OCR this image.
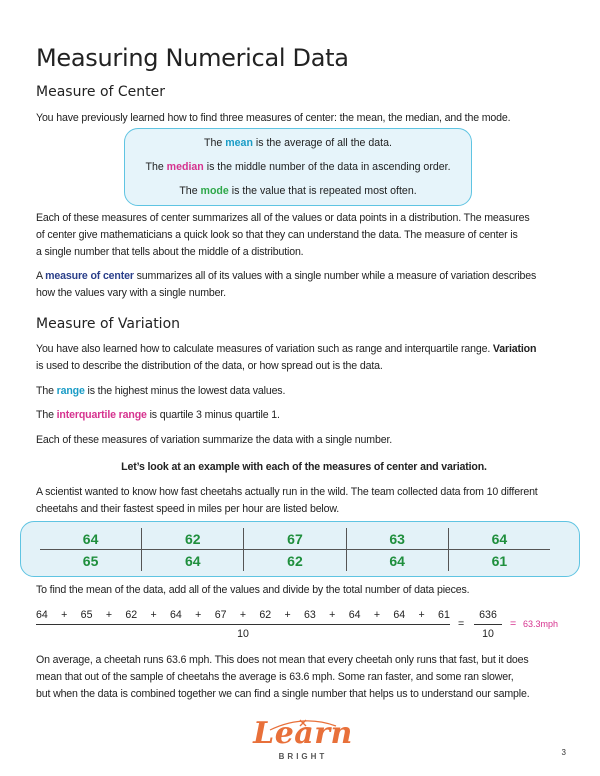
Measuring Numerical Data
Measure of Center

You have previously learned how to find three measures of center: the mean, the median, and the mode.

The mean is the average of all the data.
The median is the middle number of the data in ascending order.
The mode is the value that is repeated most often.

Each of these measures of center summarizes all of the values or data points in a distribution. The measures
of center give mathematicians a quick look so that they can understand the data. The measure of center is
a single number that tells about the middle of a distribution.

A measure of center summarizes all of its values with a single number while a measure of variation describes
how the values vary with a single number.

Measure of Variation

You have also learned how to calculate measures of variation such as range and interquartile range. Variation
is used to describe the distribution of the data, or how spread out is the data.

The range is the highest minus the lowest data values.

The interquartile range is quartile 3 minus quartile 1.

Each of these measures of variation summarize the data with a single number.

Let’s look at an example with each of the measures of center and variation.

A scientist wanted to know how fast cheetahs actually run in the wild. The team collected data from 10 different
cheetahs and their fastest speed in miles per hour are listed below.

64	62	67	63	64
65	64	62	64	61

To find the mean of the data, add all of the values and divide by the total number of data pieces.

64 + 65 + 62 + 64 + 67 + 62 + 63 + 64 + 64 + 61
10
=
636
10
= 63.3mph

On average, a cheetah runs 63.6 mph. This does not mean that every cheetah only runs that fast, but it does
mean that out of the sample of cheetahs the average is 63.6 mph. Some ran faster, and some ran slower,
but when the data is combined together we can find a single number that helps us to understand our sample.

Learn
BRIGHT	3
